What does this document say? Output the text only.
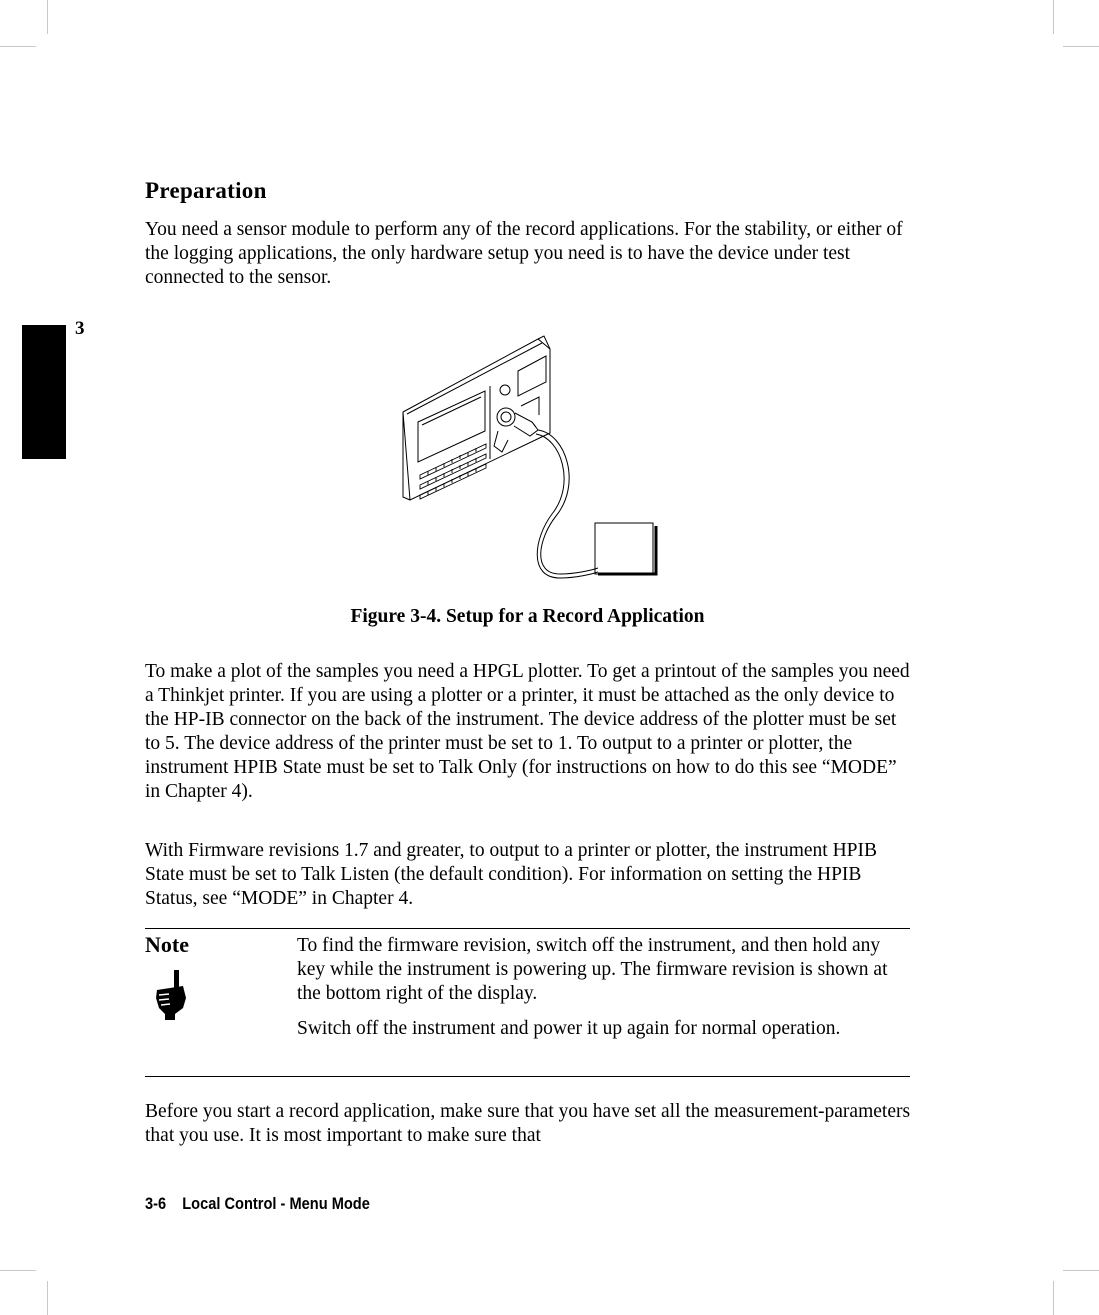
3
Preparation

You need a sensor module to perform any of the record applications. For the stability, or either of the logging applications, the only hardware setup you need is to have the device under test connected to the sensor.

Figure 3-4. Setup for a Record Application

To make a plot of the samples you need a HPGL plotter. To get a printout of the samples you need a Thinkjet printer. If you are using a plotter or a printer, it must be attached as the only device to the HP-IB connector on the back of the instrument. The device address of the plotter must be set to 5. The device address of the printer must be set to 1. To output to a printer or plotter, the instrument HPIB State must be set to Talk Only (for instructions on how to do this see “MODE” in Chapter 4).

With Firmware revisions 1.7 and greater, to output to a printer or plotter, the instrument HPIB State must be set to Talk Listen (the default condition). For information on setting the HPIB Status, see “MODE” in Chapter 4.

Note	To find the firmware revision, switch off the instrument, and then hold any key while the instrument is powering up. The firmware revision is shown at the bottom right of the display.

Switch off the instrument and power it up again for normal operation.

Before you start a record application, make sure that you have set all the measurement-parameters that you use. It is most important to make sure that

3-6 Local Control - Menu Mode
